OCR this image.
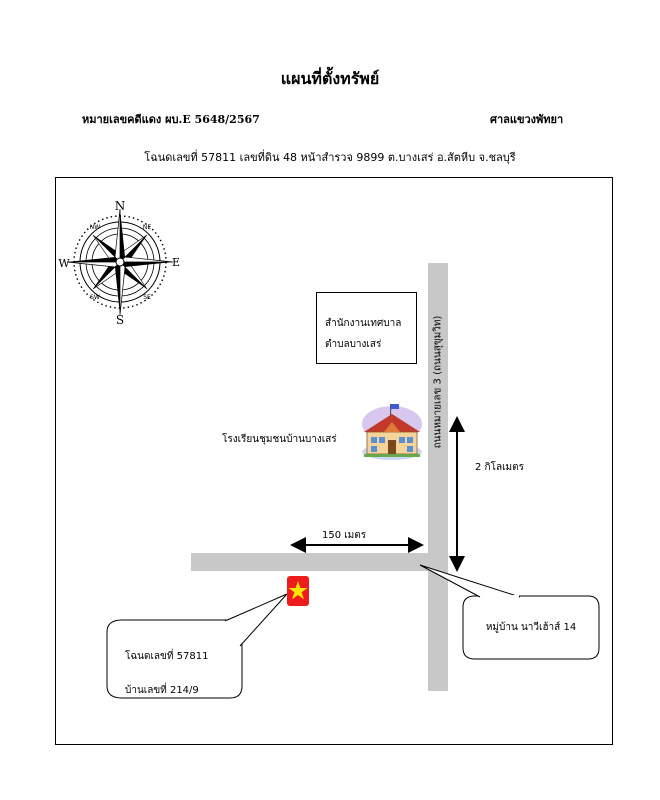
แผนที่ตั้งทรัพย์
หมายเลขคดีแดง ผบ.E 5648/2567	ศาลแขวงพัทยา
โฉนดเลขที่ 57811 เลขที่ดิน 48 หน้าสำรวจ 9899 ต.บางเสร่ อ.สัตหีบ จ.ชลบุรี
N
S
E
W
NW	NE
SW	SE
ถนนหมายเลข 3 (ถนนสุขุมวิท)
สำนักงานเทศบาล
ตำบลบางเสร่
โรงเรียนชุมชนบ้านบางเสร่
2 กิโลเมตร
150 เมตร
โฉนดเลขที่ 57811
บ้านเลขที่ 214/9
หมู่บ้าน นาวีเฮ้าส์ 14
